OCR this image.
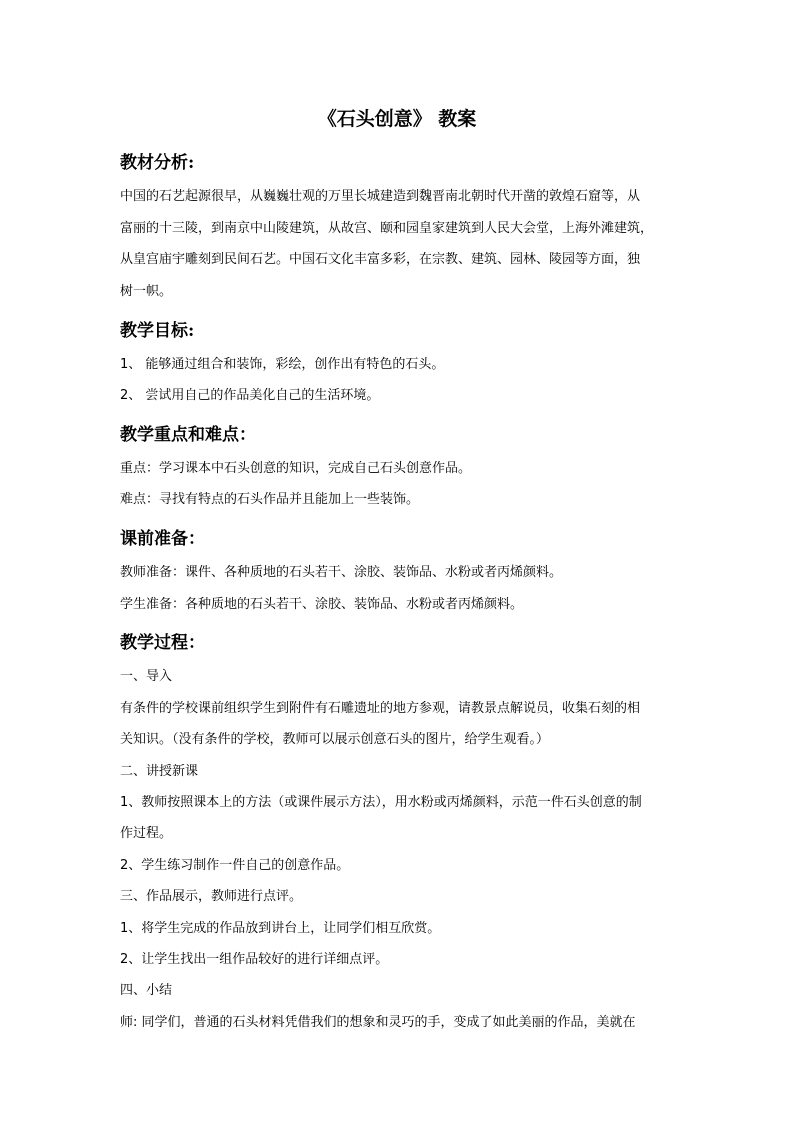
《石头创意》 教案
教材分析:

中国的石艺起源很早，从巍巍壮观的万里长城建造到魏晋南北朝时代开凿的敦煌石窟等，从

富丽的十三陵，到南京中山陵建筑，从故宫、颐和园皇家建筑到人民大会堂，上海外滩建筑，

从皇宫庙宇雕刻到民间石艺。中国石文化丰富多彩，在宗教、建筑、园林、陵园等方面，独

树一帜。

教学目标:

1、 能够通过组合和装饰，彩绘，创作出有特色的石头。

2、 尝试用自己的作品美化自己的生活环境。

教学重点和难点：

重点：学习课本中石头创意的知识，完成自己石头创意作品。

难点：寻找有特点的石头作品并且能加上一些装饰。

课前准备：

教师准备：课件、各种质地的石头若干、涂胶、装饰品、水粉或者丙烯颜料。

学生准备：各种质地的石头若干、涂胶、装饰品、水粉或者丙烯颜料。

教学过程：

一、导入

有条件的学校课前组织学生到附件有石雕遗址的地方参观，请教景点解说员，收集石刻的相

关知识。（没有条件的学校，教师可以展示创意石头的图片，给学生观看。）

二、讲授新课

1、教师按照课本上的方法（或课件展示方法），用水粉或丙烯颜料，示范一件石头创意的制

作过程。

2、学生练习制作一件自己的创意作品。

三、作品展示，教师进行点评。

1、将学生完成的作品放到讲台上，让同学们相互欣赏。

2、让学生找出一组作品较好的进行详细点评。

四、小结

师: 同学们，普通的石头材料凭借我们的想象和灵巧的手，变成了如此美丽的作品，美就在
